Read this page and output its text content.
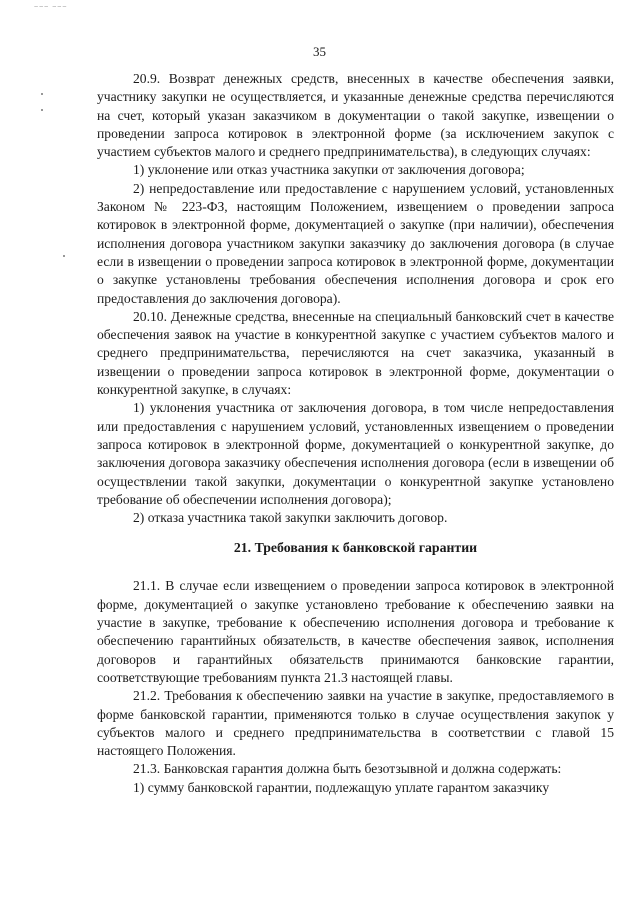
~~~ ~~~
35

20.9. Возврат денежных средств, внесенных в качестве обеспечения заявки, участнику закупки не осуществляется, и указанные денежные средства перечисляются на счет, который указан заказчиком в документации о такой закупке, извещении о проведении запроса котировок в электронной форме (за исключением закупок с участием субъектов малого и среднего предпринимательства), в следующих случаях:

1) уклонение или отказ участника закупки от заключения договора;

2) непредоставление или предоставление с нарушением условий, установленных Законом № 223-ФЗ, настоящим Положением, извещением о проведении запроса котировок в электронной форме, документацией о закупке (при наличии), обеспечения исполнения договора участником закупки заказчику до заключения договора (в случае если в извещении о проведении запроса котировок в электронной форме, документации о закупке установлены требования обеспечения исполнения договора и срок его предоставления до заключения договора).

20.10. Денежные средства, внесенные на специальный банковский счет в качестве обеспечения заявок на участие в конкурентной закупке с участием субъектов малого и среднего предпринимательства, перечисляются на счет заказчика, указанный в извещении о проведении запроса котировок в электронной форме, документации о конкурентной закупке, в случаях:

1) уклонения участника от заключения договора, в том числе непредоставления или предоставления с нарушением условий, установленных извещением о проведении запроса котировок в электронной форме, документацией о конкурентной закупке, до заключения договора заказчику обеспечения исполнения договора (если в извещении об осуществлении такой закупки, документации о конкурентной закупке установлено требование об обеспечении исполнения договора);

2) отказа участника такой закупки заключить договор.

21. Требования к банковской гарантии

21.1. В случае если извещением о проведении запроса котировок в электронной форме, документацией о закупке установлено требование к обеспечению заявки на участие в закупке, требование к обеспечению исполнения договора и требование к обеспечению гарантийных обязательств, в качестве обеспечения заявок, исполнения договоров и гарантийных обязательств принимаются банковские гарантии, соответствующие требованиям пункта 21.3 настоящей главы.

21.2. Требования к обеспечению заявки на участие в закупке, предоставляемого в форме банковской гарантии, применяются только в случае осуществления закупок у субъектов малого и среднего предпринимательства в соответствии с главой 15 настоящего Положения.

21.3. Банковская гарантия должна быть безотзывной и должна содержать:

1) сумму банковской гарантии, подлежащую уплате гарантом заказчику
